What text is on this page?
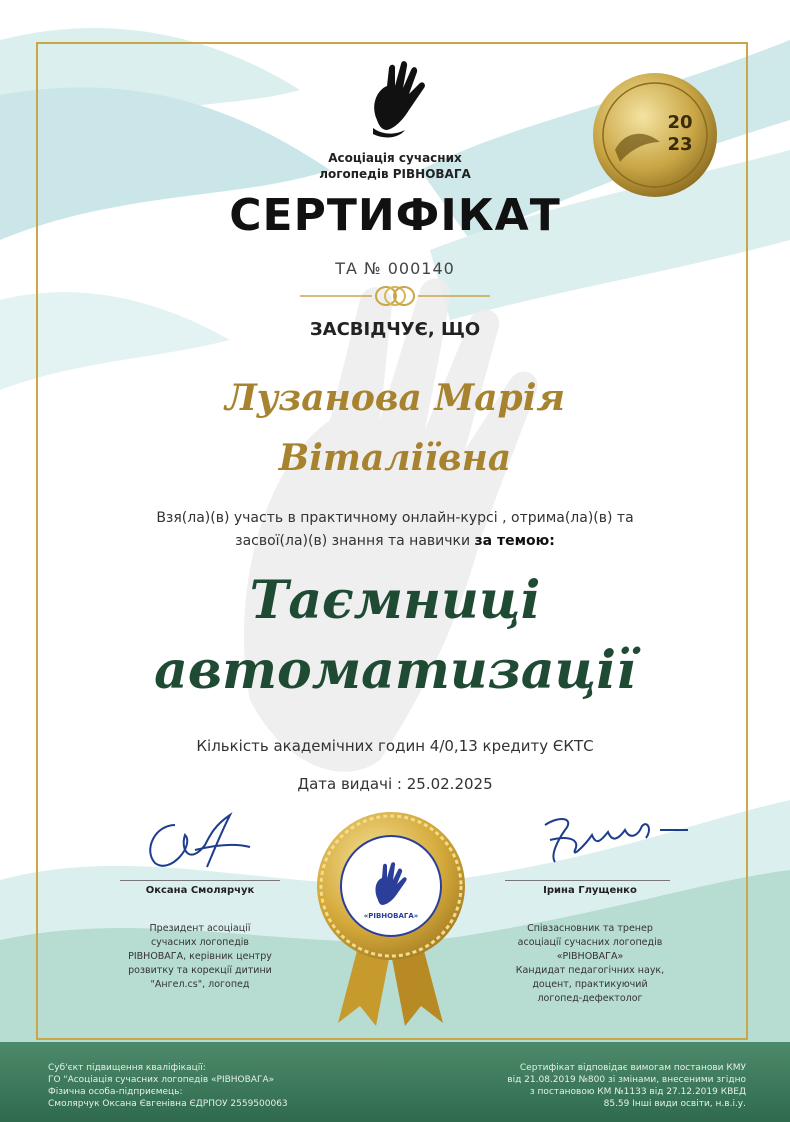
Асоціація сучасних
логопедів РІВНОВАГА
20
23
СЕРТИФІКАТ
ТА № 000140
ЗАСВІДЧУЄ, ЩО
Лузанова Марія
Віталіївна
Взя(ла)(в) участь в практичному онлайн-курсі , отрима(ла)(в) та
засвої(ла)(в) знання та навички за темою:
Таємниці
автоматизації
Кількість академічних годин 4/0,13 кредиту ЄКТС
Дата видачі : 25.02.2025
Оксана Смолярчук
Президент асоціації
сучасних логопедів
РІВНОВАГА, керівник центру
розвитку та корекції дитини
"Ангел.cs", логопед
Ірина Глущенко
Співзасновник та тренер
асоціації сучасних логопедів
«РІВНОВАГА»
Кандидат педагогічних наук,
доцент, практикуючий
логопед-дефектолог
«РІВНОВАГА»
Суб'єкт підвищення кваліфікації:
ГО "Асоціація сучасних логопедів «РІВНОВАГА»
Фізична особа-підприємець:
Смолярчук Оксана Євгенівна ЄДРПОУ 2559500063
Сертифікат відповідає вимогам постанови КМУ
від 21.08.2019 №800 зі змінами, внесеними згідно
з постановою КМ №1133 від 27.12.2019 КВЕД
85.59 Інші види освіти, н.в.і.у.
